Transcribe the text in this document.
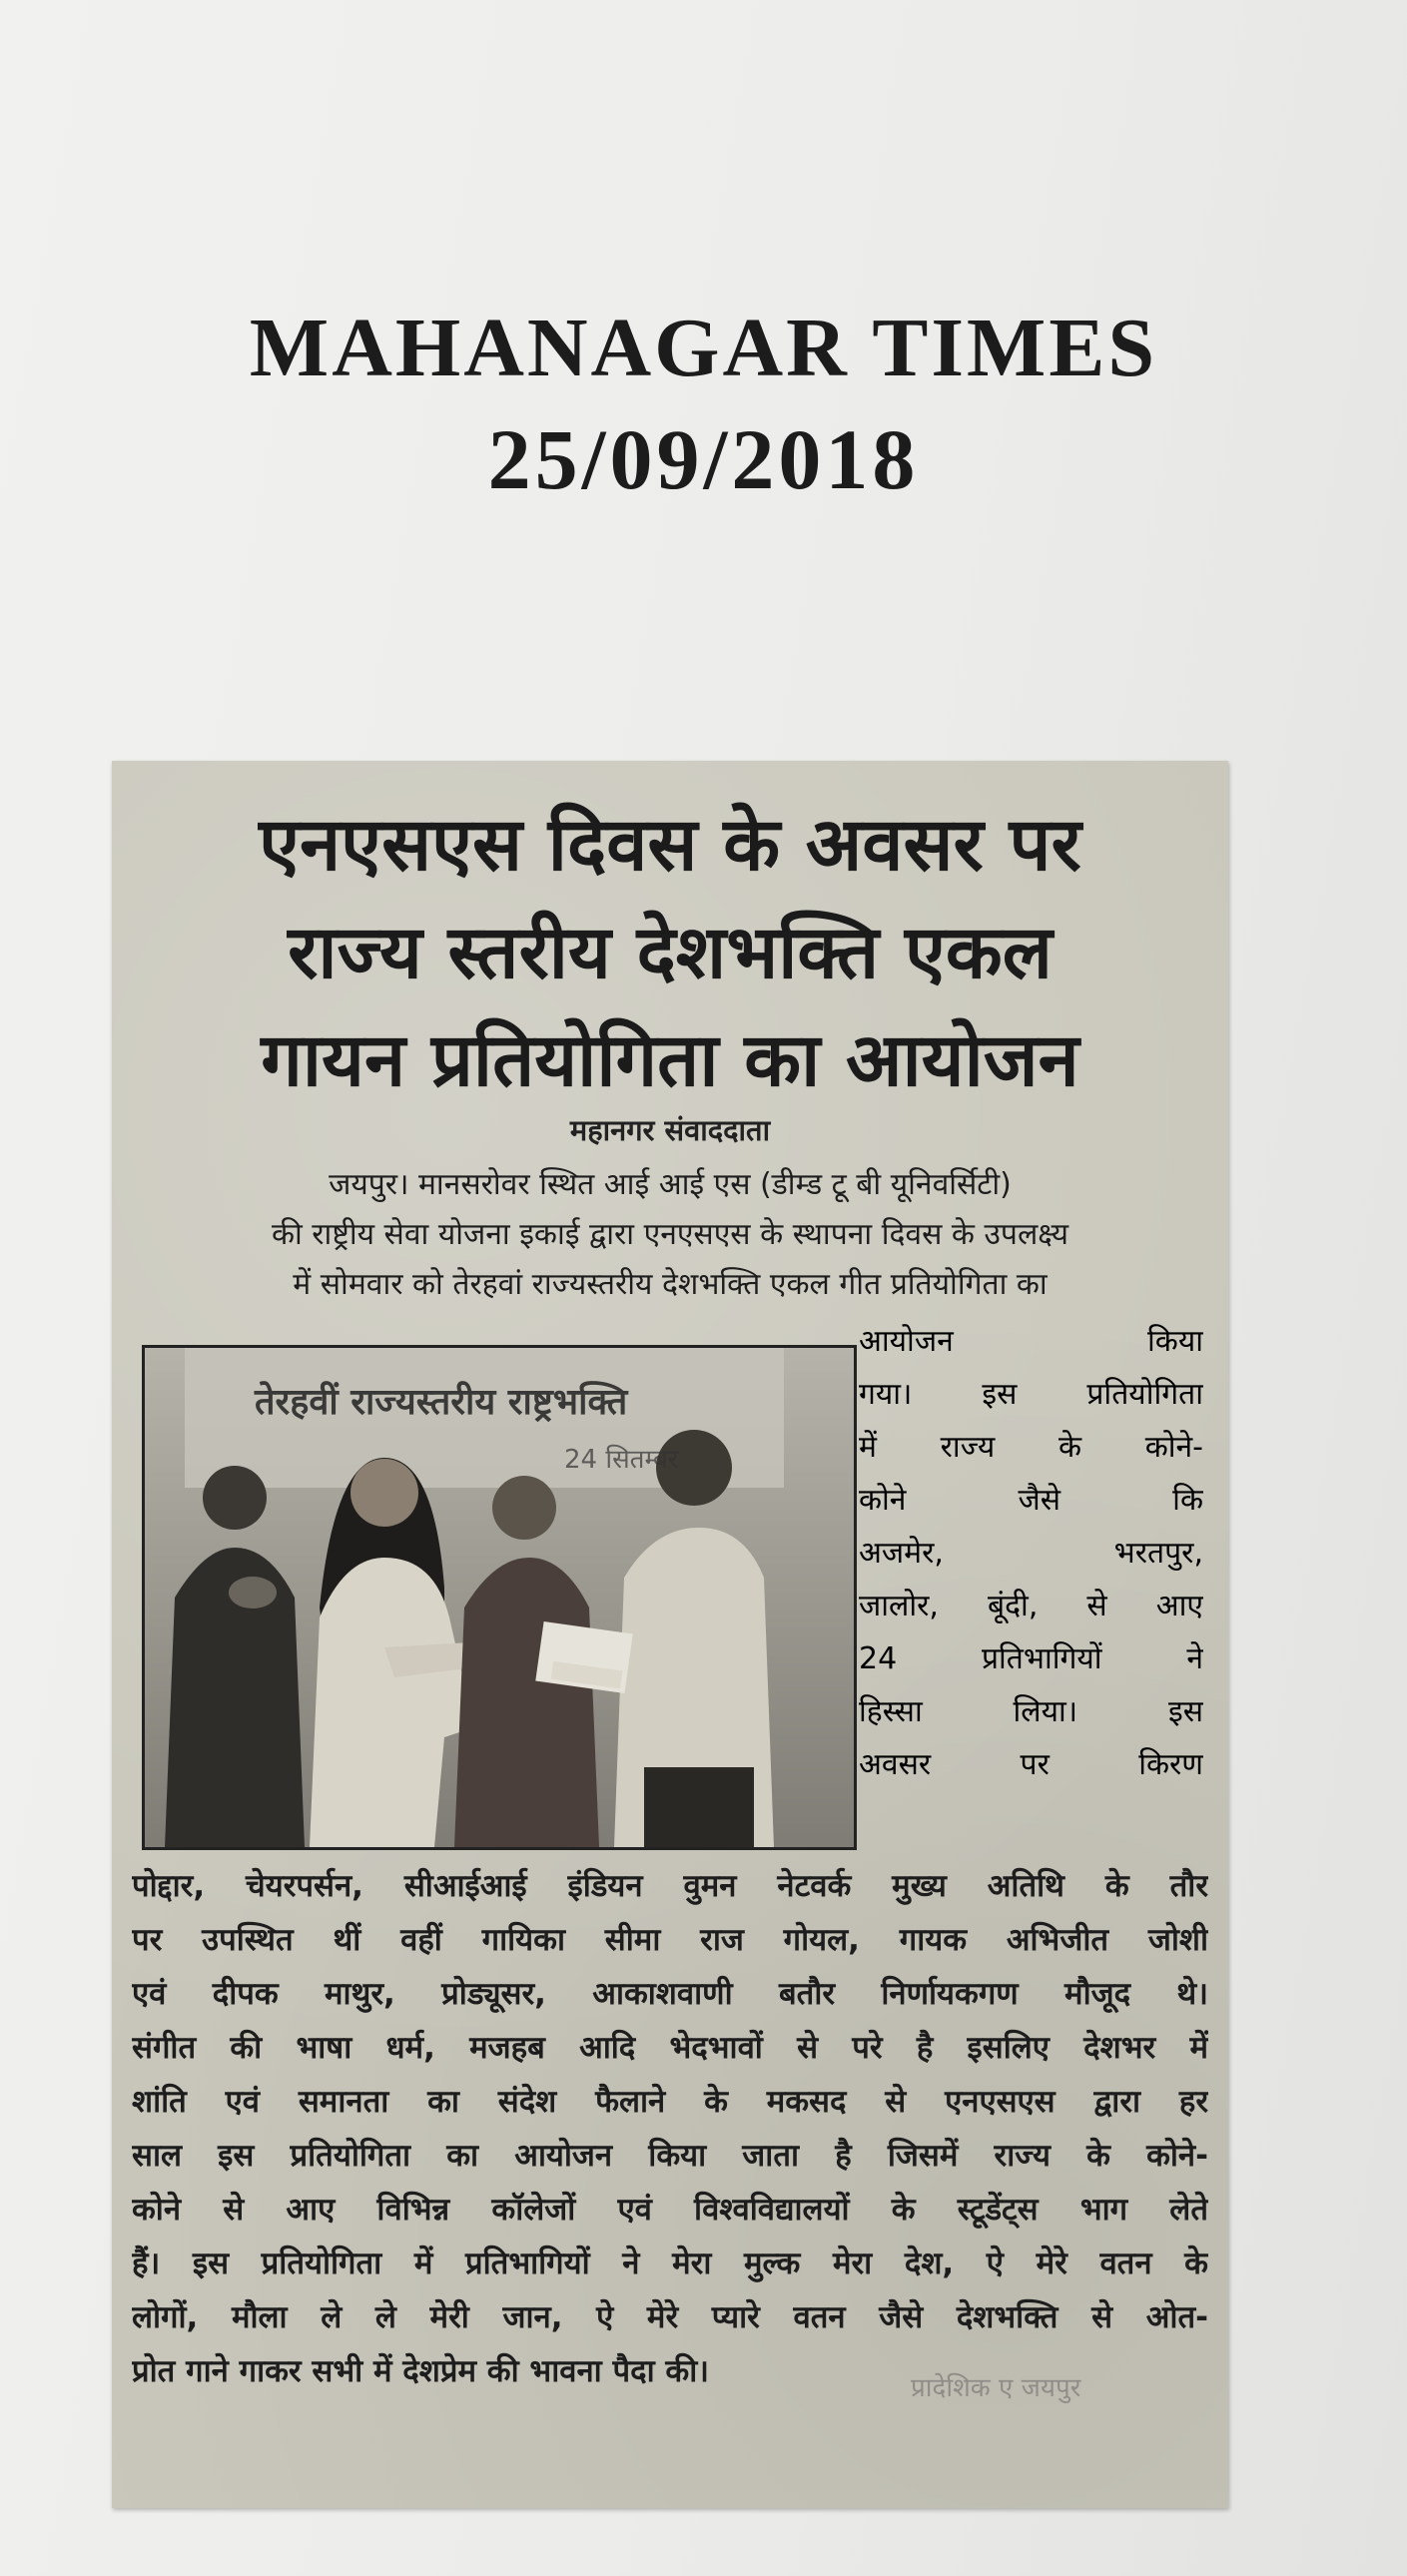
MAHANAGAR TIMES
25/09/2018
एनएसएस दिवस के अवसर पर
राज्य स्तरीय देशभक्ति एकल
गायन प्रतियोगिता का आयोजन
महानगर संवाददाता
जयपुर। मानसरोवर स्थित आई आई एस (डीम्ड टू बी यूनिवर्सिटी)
की राष्ट्रीय सेवा योजना इकाई द्वारा एनएसएस के स्थापना दिवस के उपलक्ष्य
में सोमवार को तेरहवां राज्यस्तरीय देशभक्ति एकल गीत प्रतियोगिता का
तेरहवीं राज्यस्तरीय राष्ट्रभक्ति
24 सितम्बर
आयोजन किया
गया। इस प्रतियोगिता
में राज्य के कोने-
कोने जैसे कि
अजमेर, भरतपुर,
जालोर, बूंदी, से आए
24 प्रतिभागियों ने
हिस्सा लिया। इस
अवसर पर किरण
पोद्दार, चेयरपर्सन, सीआईआई इंडियन वुमन नेटवर्क मुख्य अतिथि के तौर
पर उपस्थित थीं वहीं गायिका सीमा राज गोयल, गायक अभिजीत जोशी
एवं दीपक माथुर, प्रोड्यूसर, आकाशवाणी बतौर निर्णायकगण मौजूद थे।
संगीत की भाषा धर्म, मजहब आदि भेदभावों से परे है इसलिए देशभर में
शांति एवं समानता का संदेश फैलाने के मकसद से एनएसएस द्वारा हर
साल इस प्रतियोगिता का आयोजन किया जाता है जिसमें राज्य के कोने-
कोने से आए विभिन्न कॉलेजों एवं विश्वविद्यालयों के स्टूडेंट्स भाग लेते
हैं। इस प्रतियोगिता में प्रतिभागियों ने मेरा मुल्क मेरा देश, ऐ मेरे वतन के
लोगों, मौला ले ले मेरी जान, ऐ मेरे प्यारे वतन जैसे देशभक्ति से ओत-
प्रोत गाने गाकर सभी में देशप्रेम की भावना पैदा की।	प्रादेशिक ए जयपुर
